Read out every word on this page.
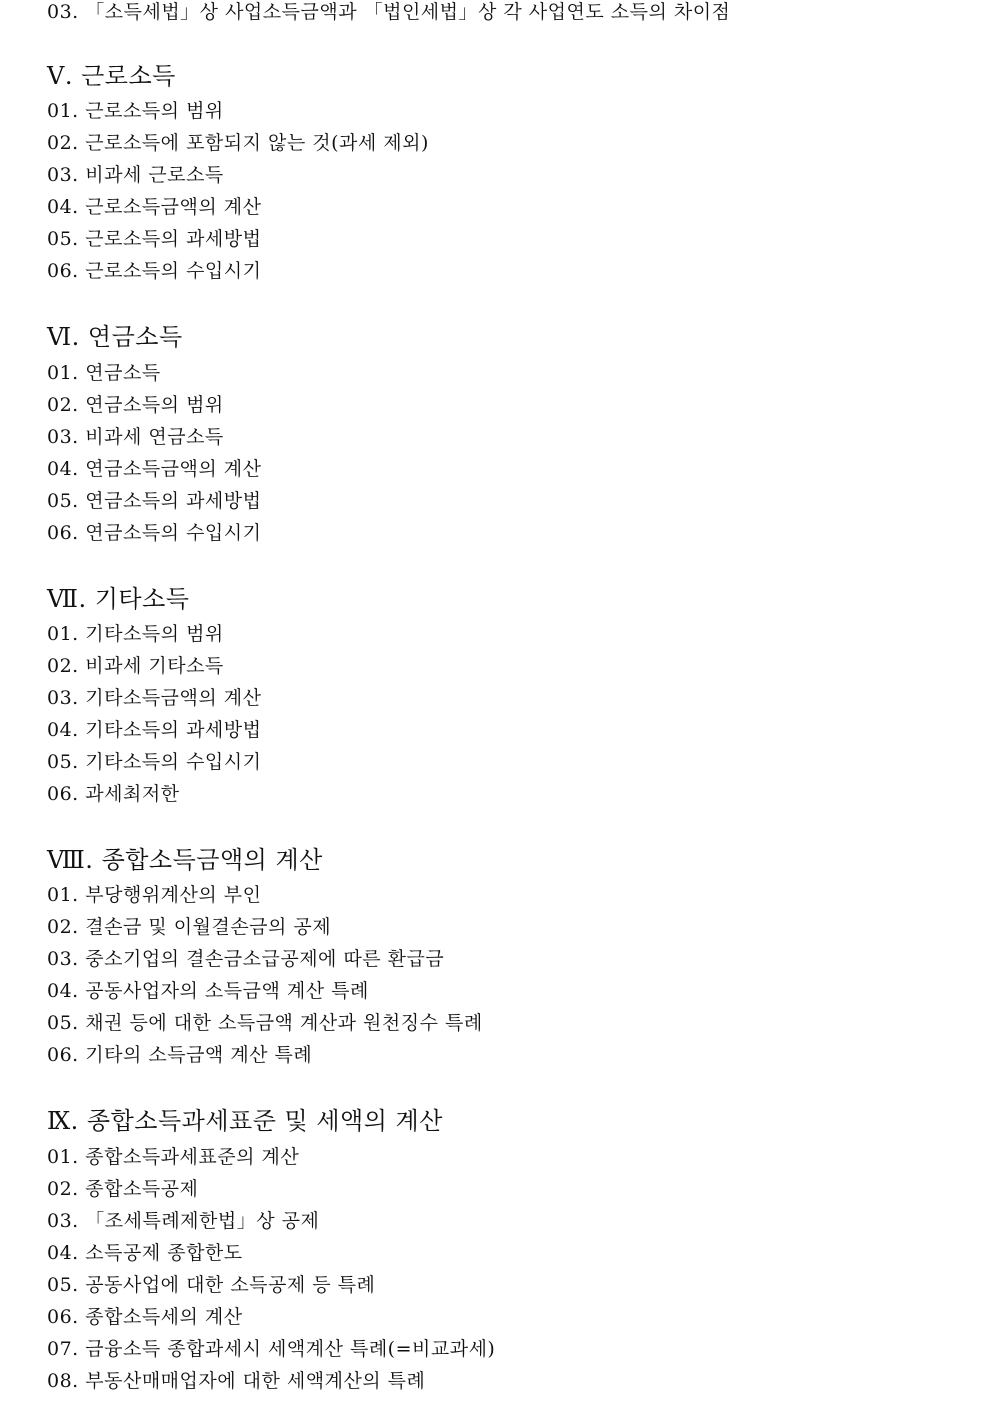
03. 「소득세법」상 사업소득금액과 「법인세법」상 각 사업연도 소득의 차이점
Ⅴ. 근로소득
01. 근로소득의 범위
02. 근로소득에 포함되지 않는 것(과세 제외)
03. 비과세 근로소득
04. 근로소득금액의 계산
05. 근로소득의 과세방법
06. 근로소득의 수입시기
Ⅵ. 연금소득
01. 연금소득
02. 연금소득의 범위
03. 비과세 연금소득
04. 연금소득금액의 계산
05. 연금소득의 과세방법
06. 연금소득의 수입시기
Ⅶ. 기타소득
01. 기타소득의 범위
02. 비과세 기타소득
03. 기타소득금액의 계산
04. 기타소득의 과세방법
05. 기타소득의 수입시기
06. 과세최저한
Ⅷ. 종합소득금액의 계산
01. 부당행위계산의 부인
02. 결손금 및 이월결손금의 공제
03. 중소기업의 결손금소급공제에 따른 환급금
04. 공동사업자의 소득금액 계산 특례
05. 채권 등에 대한 소득금액 계산과 원천징수 특례
06. 기타의 소득금액 계산 특례
Ⅸ. 종합소득과세표준 및 세액의 계산
01. 종합소득과세표준의 계산
02. 종합소득공제
03. 「조세특례제한법」상 공제
04. 소득공제 종합한도
05. 공동사업에 대한 소득공제 등 특례
06. 종합소득세의 계산
07. 금융소득 종합과세시 세액계산 특례(=비교과세)
08. 부동산매매업자에 대한 세액계산의 특례
